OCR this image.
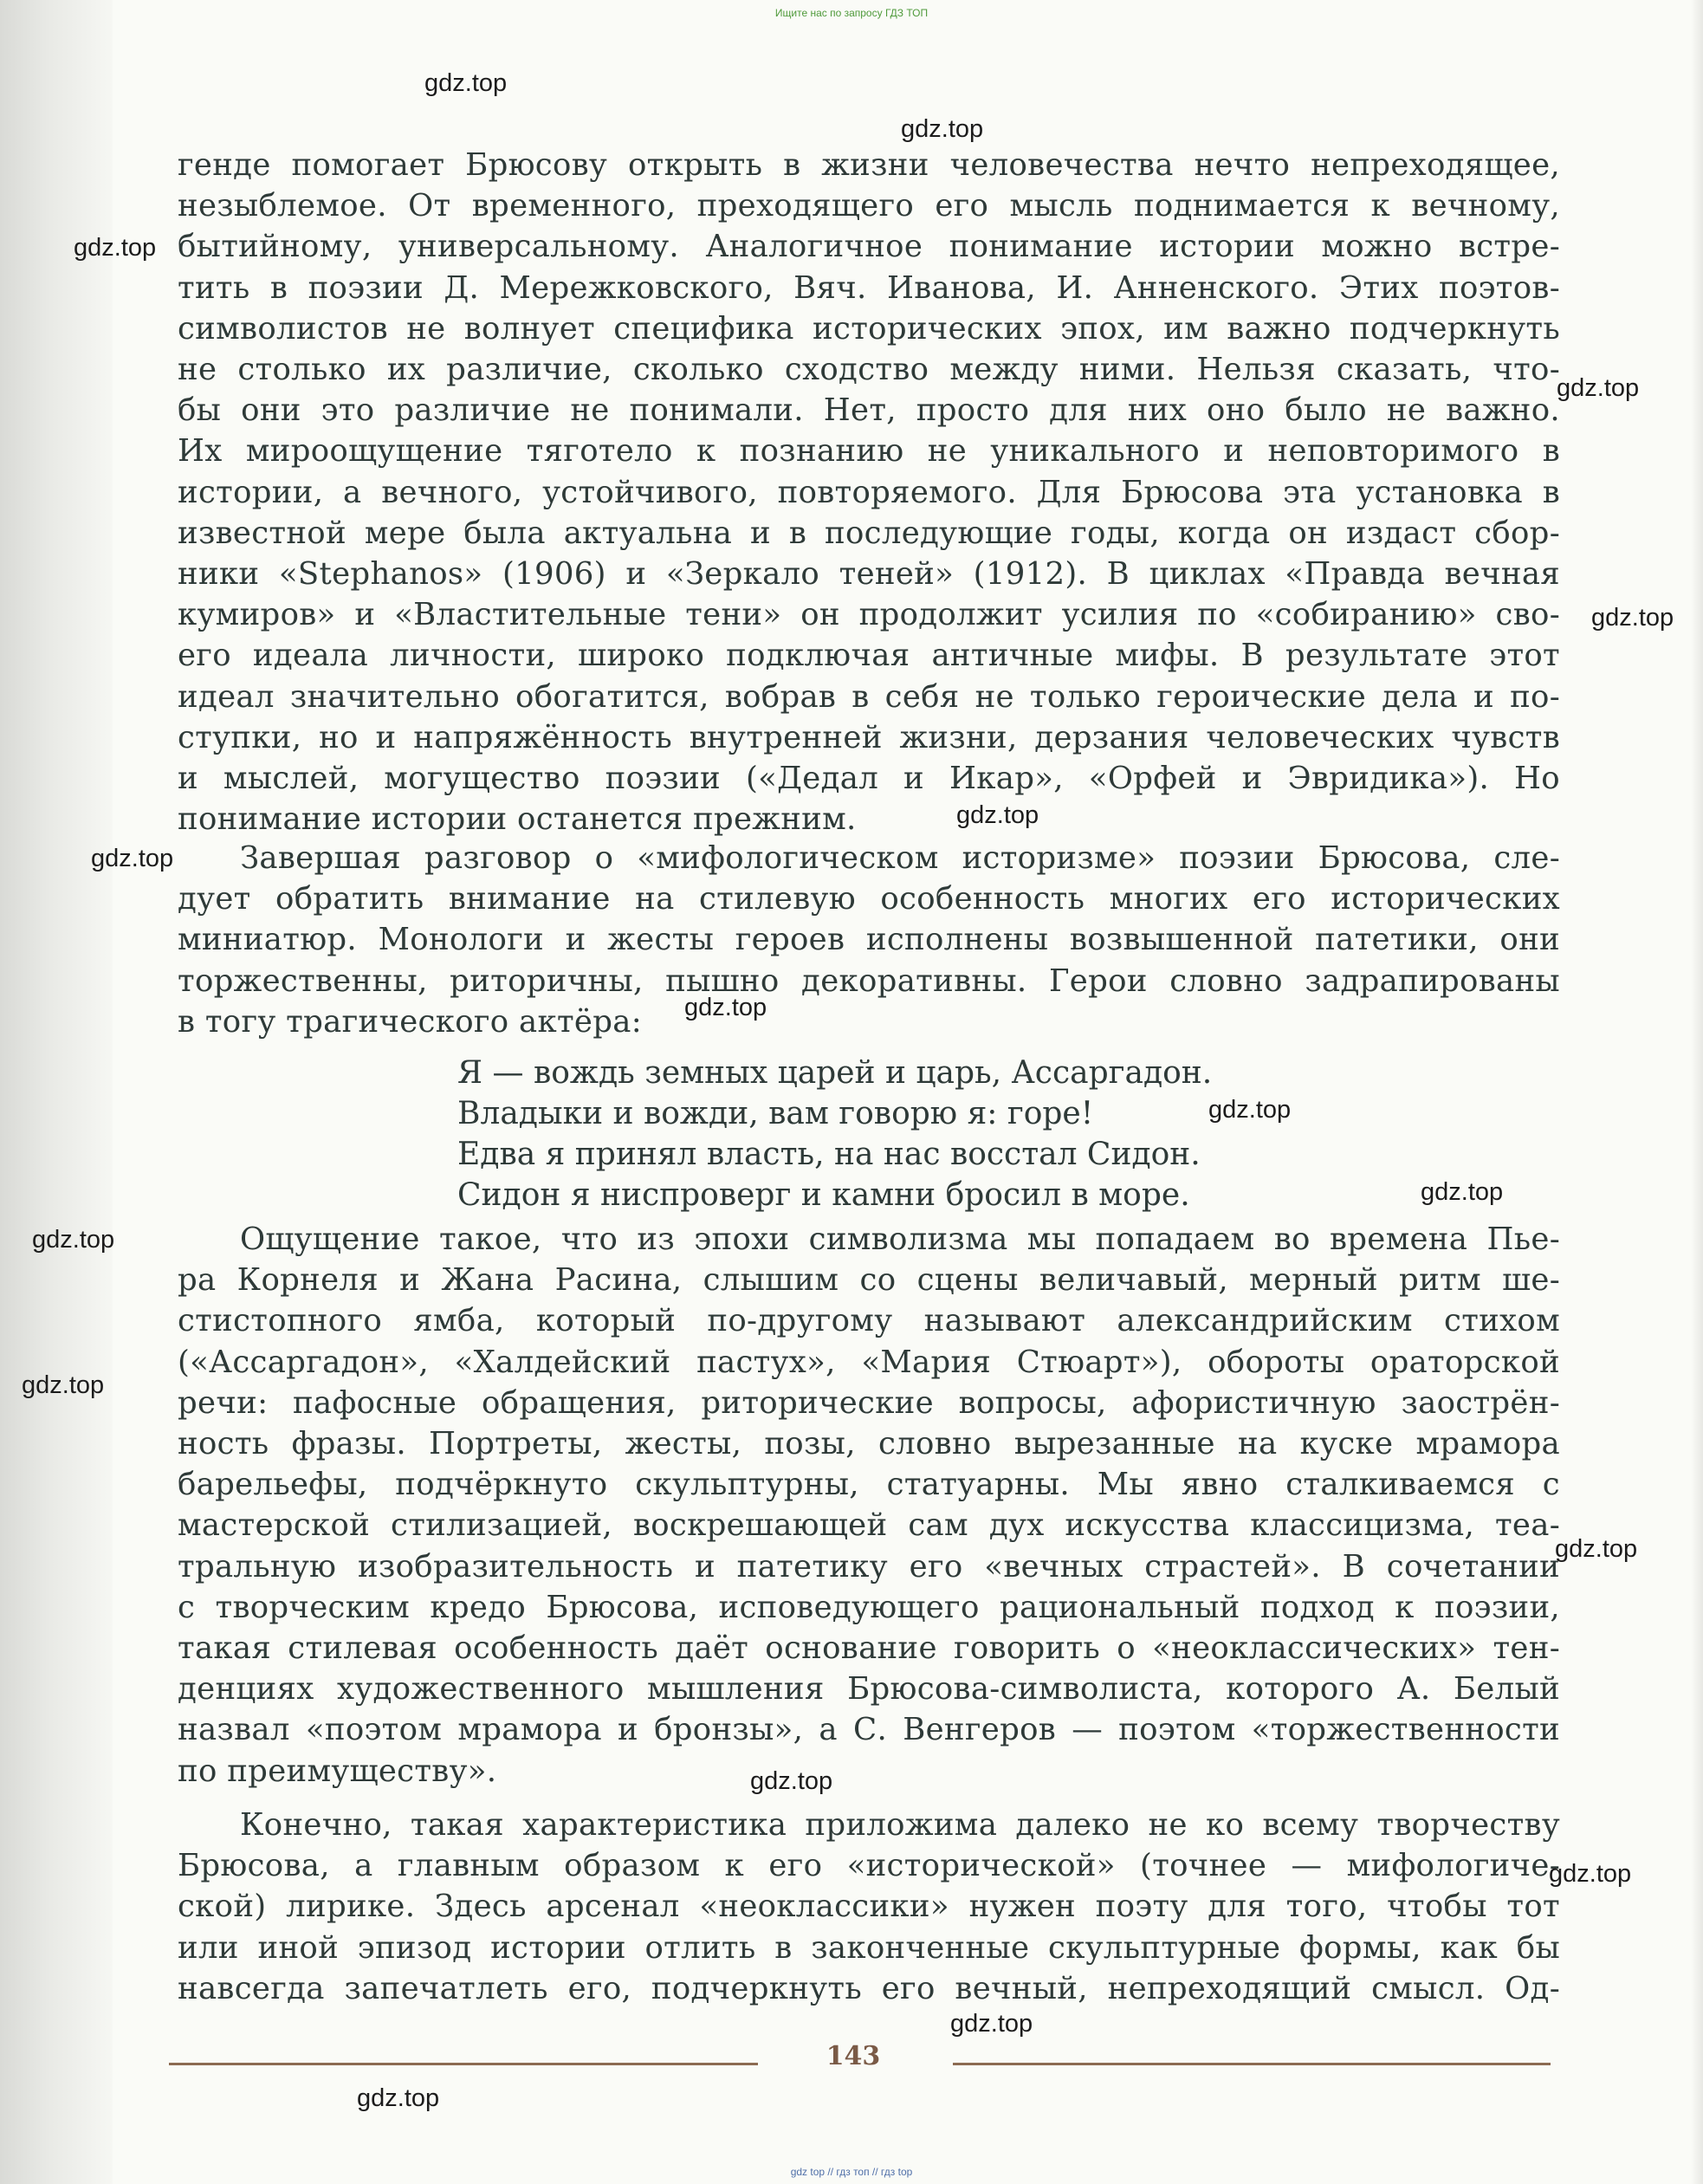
Ищите нас по запросу ГДЗ ТОП
генде помогает Брюсову открыть в жизни человечества нечто непреходящее,
незыблемое. От временного, преходящего его мысль поднимается к вечному,
бытийному, универсальному. Аналогичное понимание истории можно встре-
тить в поэзии Д. Мережковского, Вяч. Иванова, И. Анненского. Этих поэтов-
символистов не волнует специфика исторических эпох, им важно подчеркнуть
не столько их различие, сколько сходство между ними. Нельзя сказать, что-
бы они это различие не понимали. Нет, просто для них оно было не важно.
Их мироощущение тяготело к познанию не уникального и неповторимого в
истории, а вечного, устойчивого, повторяемого. Для Брюсова эта установка в
известной мере была актуальна и в последующие годы, когда он издаст сбор-
ники «Stephanos» (1906) и «Зеркало теней» (1912). В циклах «Правда вечная
кумиров» и «Властительные тени» он продолжит усилия по «собиранию» сво-
его идеала личности, широко подключая античные мифы. В результате этот
идеал значительно обогатится, вобрав в себя не только героические дела и по-
ступки, но и напряжённость внутренней жизни, дерзания человеческих чувств
и мыслей, могущество поэзии («Дедал и Икар», «Орфей и Эвридика»). Но
понимание истории останется прежним.
Завершая разговор о «мифологическом историзме» поэзии Брюсова, сле-
дует обратить внимание на стилевую особенность многих его исторических
миниатюр. Монологи и жесты героев исполнены возвышенной патетики, они
торжественны, риторичны, пышно декоративны. Герои словно задрапированы
в тогу трагического актёра:
Я — вождь земных царей и царь, Ассаргадон.
Владыки и вожди, вам говорю я: горе!
Едва я принял власть, на нас восстал Сидон.
Сидон я ниспроверг и камни бросил в море.
Ощущение такое, что из эпохи символизма мы попадаем во времена Пье-
ра Корнеля и Жана Расина, слышим со сцены величавый, мерный ритм ше-
стистопного ямба, который по-другому называют александрийским стихом
(«Ассаргадон», «Халдейский пастух», «Мария Стюарт»), обороты ораторской
речи: пафосные обращения, риторические вопросы, афористичную заострён-
ность фразы. Портреты, жесты, позы, словно вырезанные на куске мрамора
барельефы, подчёркнуто скульптурны, статуарны. Мы явно сталкиваемся с
мастерской стилизацией, воскрешающей сам дух искусства классицизма, теа-
тральную изобразительность и патетику его «вечных страстей». В сочетании
с творческим кредо Брюсова, исповедующего рациональный подход к поэзии,
такая стилевая особенность даёт основание говорить о «неоклассических» тен-
денциях художественного мышления Брюсова-символиста, которого А. Белый
назвал «поэтом мрамора и бронзы», а С. Венгеров — поэтом «торжественности
по преимуществу».
Конечно, такая характеристика приложима далеко не ко всему творчеству
Брюсова, а главным образом к его «исторической» (точнее — мифологиче-
ской) лирике. Здесь арсенал «неоклассики» нужен поэту для того, чтобы тот
или иной эпизод истории отлить в законченные скульптурные формы, как бы
навсегда запечатлеть его, подчеркнуть его вечный, непреходящий смысл. Од-
143
gdz.top
gdz.top
gdz.top
gdz.top
gdz.top
gdz.top
gdz.top
gdz.top
gdz.top
gdz.top
gdz.top
gdz.top
gdz.top
gdz.top
gdz.top
gdz.top
gdz.top
gdz top // гдз топ // гдз top
